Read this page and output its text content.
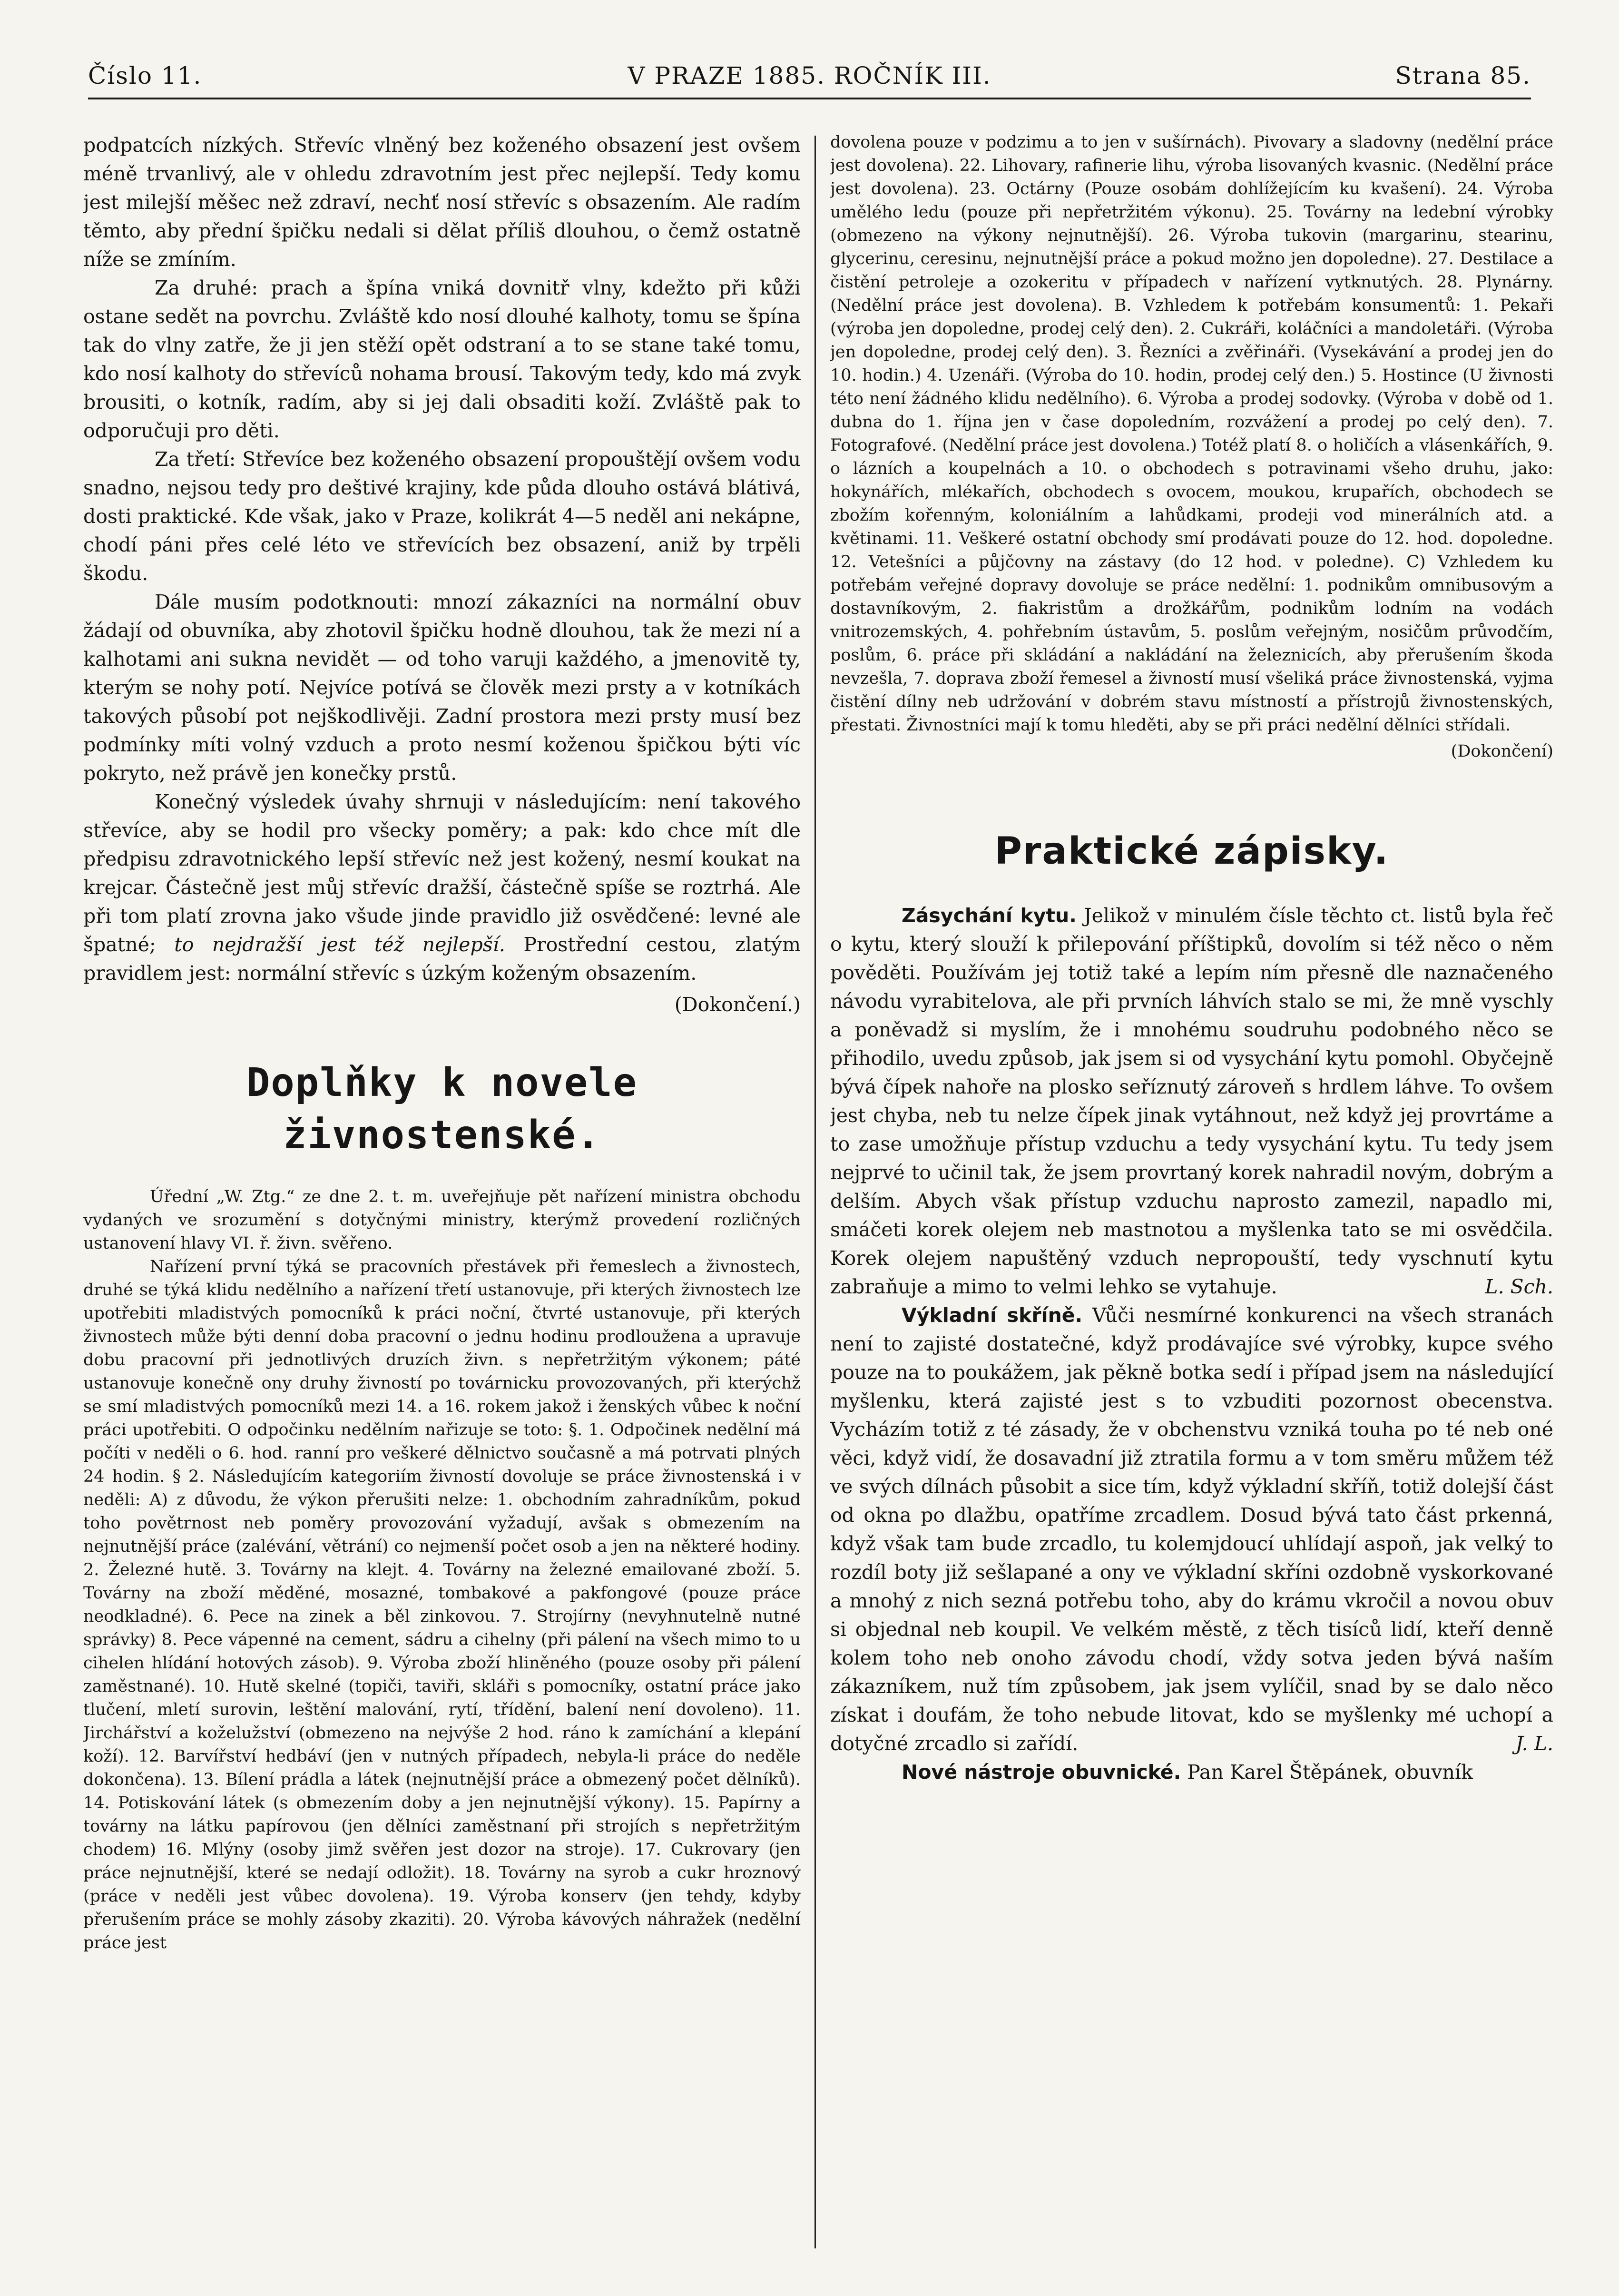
Číslo 11.	V PRAZE 1885. ROČNÍK III.	Strana 85.

podpatcích nízkých. Střevíc vlněný bez koženého obsazení jest ovšem méně trvanlivý, ale v ohledu zdravotním jest přec nejlepší. Tedy komu jest milejší měšec než zdraví, nechť nosí střevíc s obsazením. Ale radím těmto, aby přední špičku nedali si dělat příliš dlouhou, o čemž ostatně níže se zmíním.

Za druhé: prach a špína vniká dovnitř vlny, kdežto při kůži ostane sedět na povrchu. Zvláště kdo nosí dlouhé kalhoty, tomu se špína tak do vlny zatře, že ji jen stěží opět odstraní a to se stane také tomu, kdo nosí kalhoty do střevíců nohama brousí. Takovým tedy, kdo má zvyk brousiti, o kotník, radím, aby si jej dali obsaditi koží. Zvláště pak to odporučuji pro děti.

Za třetí: Střevíce bez koženého obsazení propouštějí ovšem vodu snadno, nejsou tedy pro deštivé krajiny, kde půda dlouho ostává blátivá, dosti praktické. Kde však, jako v Praze, kolikrát 4—5 neděl ani nekápne, chodí páni přes celé léto ve střevících bez obsazení, aniž by trpěli škodu.

Dále musím podotknouti: mnozí zákazníci na normální obuv žádají od obuvníka, aby zhotovil špičku hodně dlouhou, tak že mezi ní a kalhotami ani sukna nevidět — od toho varuji každého, a jmenovitě ty, kterým se nohy potí. Nejvíce potívá se člověk mezi prsty a v kotníkách takových působí pot nejškodlivěji. Zadní prostora mezi prsty musí bez podmínky míti volný vzduch a proto nesmí koženou špičkou býti víc pokryto, než právě jen konečky prstů.

Konečný výsledek úvahy shrnuji v následujícím: není takového střevíce, aby se hodil pro všecky poměry; a pak: kdo chce mít dle předpisu zdravotnického lepší střevíc než jest kožený, nesmí koukat na krejcar. Částečně jest můj střevíc dražší, částečně spíše se roztrhá. Ale při tom platí zrovna jako všude jinde pravidlo již osvědčené: levné ale špatné; to nejdražší jest též nejlepší. Prostřední cestou, zlatým pravidlem jest: normální střevíc s úzkým koženým obsazením.

(Dokončení.)

Doplňky k novele živnostenské.

Úřední „W. Ztg.“ ze dne 2. t. m. uveřejňuje pět nařízení ministra obchodu vydaných ve srozumění s dotyčnými ministry, kterýmž provedení rozličných ustanovení hlavy VI. ř. živn. svěřeno.

Nařízení první týká se pracovních přestávek při řemeslech a živnostech, druhé se týká klidu nedělního a nařízení třetí ustanovuje, při kterých živnostech lze upotřebiti mladistvých pomocníků k práci noční, čtvrté ustanovuje, při kterých živnostech může býti denní doba pracovní o jednu hodinu prodloužena a upravuje dobu pracovní při jednotlivých druzích živn. s nepřetržitým výkonem; páté ustanovuje konečně ony druhy živností po továrnicku provozovaných, při kterýchž se smí mladistvých pomocníků mezi 14. a 16. rokem jakož i ženských vůbec k noční práci upotřebiti. O odpočinku nedělním nařizuje se toto: §. 1. Odpočinek nedělní má počíti v neděli o 6. hod. ranní pro veškeré dělnictvo současně a má potrvati plných 24 hodin. § 2. Následujícím kategoriím živností dovoluje se práce živnostenská i v neděli: A) z důvodu, že výkon přerušiti nelze: 1. obchodním zahradníkům, pokud toho povětrnost neb poměry provozování vyžadují, avšak s obmezením na nejnutnější práce (zalévání, větrání) co nejmenší počet osob a jen na některé hodiny. 2. Železné hutě. 3. Továrny na klejt. 4. Továrny na železné emailované zboží. 5. Továrny na zboží měděné, mosazné, tombakové a pakfongové (pouze práce neodkladné). 6. Pece na zinek a běl zinkovou. 7. Strojírny (nevyhnutelně nutné správky) 8. Pece vápenné na cement, sádru a cihelny (při pálení na všech mimo to u cihelen hlídání hotových zásob). 9. Výroba zboží hliněného (pouze osoby při pálení zaměstnané). 10. Hutě skelné (topiči, taviři, skláři s pomocníky, ostatní práce jako tlučení, mletí surovin, leštění malování, rytí, třídění, balení není dovoleno). 11. Jirchářství a koželužství (obmezeno na nejvýše 2 hod. ráno k zamíchání a klepání koží). 12. Barvířství hedbáví (jen v nutných případech, nebyla-li práce do neděle dokončena). 13. Bílení prádla a látek (nejnutnější práce a obmezený počet dělníků). 14. Potiskování látek (s obmezením doby a jen nejnutnější výkony). 15. Papírny a továrny na látku papírovou (jen dělníci zaměstnaní při strojích s nepřetržitým chodem) 16. Mlýny (osoby jimž svěřen jest dozor na stroje). 17. Cukrovary (jen práce nejnutnější, které se nedají odložit). 18. Továrny na syrob a cukr hroznový (práce v neděli jest vůbec dovolena). 19. Výroba konserv (jen tehdy, kdyby přerušením práce se mohly zásoby zkaziti). 20. Výroba kávových náhražek (nedělní práce jest

dovolena pouze v podzimu a to jen v sušírnách). Pivovary a sladovny (nedělní práce jest dovolena). 22. Lihovary, rafinerie lihu, výroba lisovaných kvasnic. (Nedělní práce jest dovolena). 23. Octárny (Pouze osobám dohlížejícím ku kvašení). 24. Výroba umělého ledu (pouze při nepřetržitém výkonu). 25. Továrny na ledební výrobky (obmezeno na výkony nejnutnější). 26. Výroba tukovin (margarinu, stearinu, glycerinu, ceresinu, nejnutnější práce a pokud možno jen dopoledne). 27. Destilace a čistění petroleje a ozokeritu v případech v nařízení vytknutých. 28. Plynárny. (Nedělní práce jest dovolena). B. Vzhledem k potřebám konsumentů: 1. Pekaři (výroba jen dopoledne, prodej celý den). 2. Cukráři, koláčníci a mandoletáři. (Výroba jen dopoledne, prodej celý den). 3. Řezníci a zvěřináři. (Vysekávání a prodej jen do 10. hodin.) 4. Uzenáři. (Výroba do 10. hodin, prodej celý den.) 5. Hostince (U živnosti této není žádného klidu nedělního). 6. Výroba a prodej sodovky. (Výroba v době od 1. dubna do 1. října jen v čase dopoledním, rozvážení a prodej po celý den). 7. Fotografové. (Nedělní práce jest dovolena.) Totéž platí 8. o holičích a vlásenkářích, 9. o lázních a koupelnách a 10. o obchodech s potravinami všeho druhu, jako: hokynářích, mlékařích, obchodech s ovocem, moukou, krupařích, obchodech se zbožím kořenným, koloniálním a lahůdkami, prodeji vod minerálních atd. a květinami. 11. Veškeré ostatní obchody smí prodávati pouze do 12. hod. dopoledne. 12. Vetešníci a půjčovny na zástavy (do 12 hod. v poledne). C) Vzhledem ku potřebám veřejné dopravy dovoluje se práce nedělní: 1. podnikům omnibusovým a dostavníkovým, 2. fiakristům a drožkářům, podnikům lodním na vodách vnitrozemských, 4. pohřebním ústavům, 5. poslům veřejným, nosičům průvodčím, poslům, 6. práce při skládání a nakládání na železnicích, aby přerušením škoda nevzešla, 7. doprava zboží řemesel a živností musí všeliká práce živnostenská, vyjma čistění dílny neb udržování v dobrém stavu místností a přístrojů živnostenských, přestati. Živnostníci mají k tomu hleděti, aby se při práci nedělní dělníci střídali.

(Dokončení)

Praktické zápisky.

Zásychání kytu. Jelikož v minulém čísle těchto ct. listů byla řeč o kytu, který slouží k přilepování příštipků, dovolím si též něco o něm pověděti. Používám jej totiž také a lepím ním přesně dle naznačeného návodu vyrabitelova, ale při prvních láhvích stalo se mi, že mně vyschly a poněvadž si myslím, že i mnohému soudruhu podobného něco se přihodilo, uvedu způsob, jak jsem si od vysychání kytu pomohl. Obyčejně bývá čípek nahoře na plosko seříznutý zároveň s hrdlem láhve. To ovšem jest chyba, neb tu nelze čípek jinak vytáhnout, než když jej provrtáme a to zase umožňuje přístup vzduchu a tedy vysychání kytu. Tu tedy jsem nejprvé to učinil tak, že jsem provrtaný korek nahradil novým, dobrým a delším. Abych však přístup vzduchu naprosto zamezil, napadlo mi, smáčeti korek olejem neb mastnotou a myšlenka tato se mi osvědčila. Korek olejem napuštěný vzduch nepropouští, tedy vyschnutí kytu zabraňuje a mimo to velmi lehko se vytahuje.	L. Sch.

Výkladní skříně. Vůči nesmírné konkurenci na všech stranách není to zajisté dostatečné, když prodávajíce své výrobky, kupce svého pouze na to poukážem, jak pěkně botka sedí i případ jsem na následující myšlenku, která zajisté jest s to vzbuditi pozornost obecenstva. Vycházím totiž z té zásady, že v obchenstvu vzniká touha po té neb oné věci, když vidí, že dosavadní již ztratila formu a v tom směru můžem též ve svých dílnách působit a sice tím, když výkladní skříň, totiž dolejší část od okna po dlažbu, opatříme zrcadlem. Dosud bývá tato část prkenná, když však tam bude zrcadlo, tu kolemjdoucí uhlídají aspoň, jak velký to rozdíl boty již sešlapané a ony ve výkladní skříni ozdobně vyskorkované a mnohý z nich sezná potřebu toho, aby do krámu vkročil a novou obuv si objednal neb koupil. Ve velkém městě, z těch tisíců lidí, kteří denně kolem toho neb onoho závodu chodí, vždy sotva jeden bývá naším zákazníkem, nuž tím způsobem, jak jsem vylíčil, snad by se dalo něco získat i doufám, že toho nebude litovat, kdo se myšlenky mé uchopí a dotyčné zrcadlo si zařídí.	J. L.

Nové nástroje obuvnické. Pan Karel Štěpánek, obuvník
